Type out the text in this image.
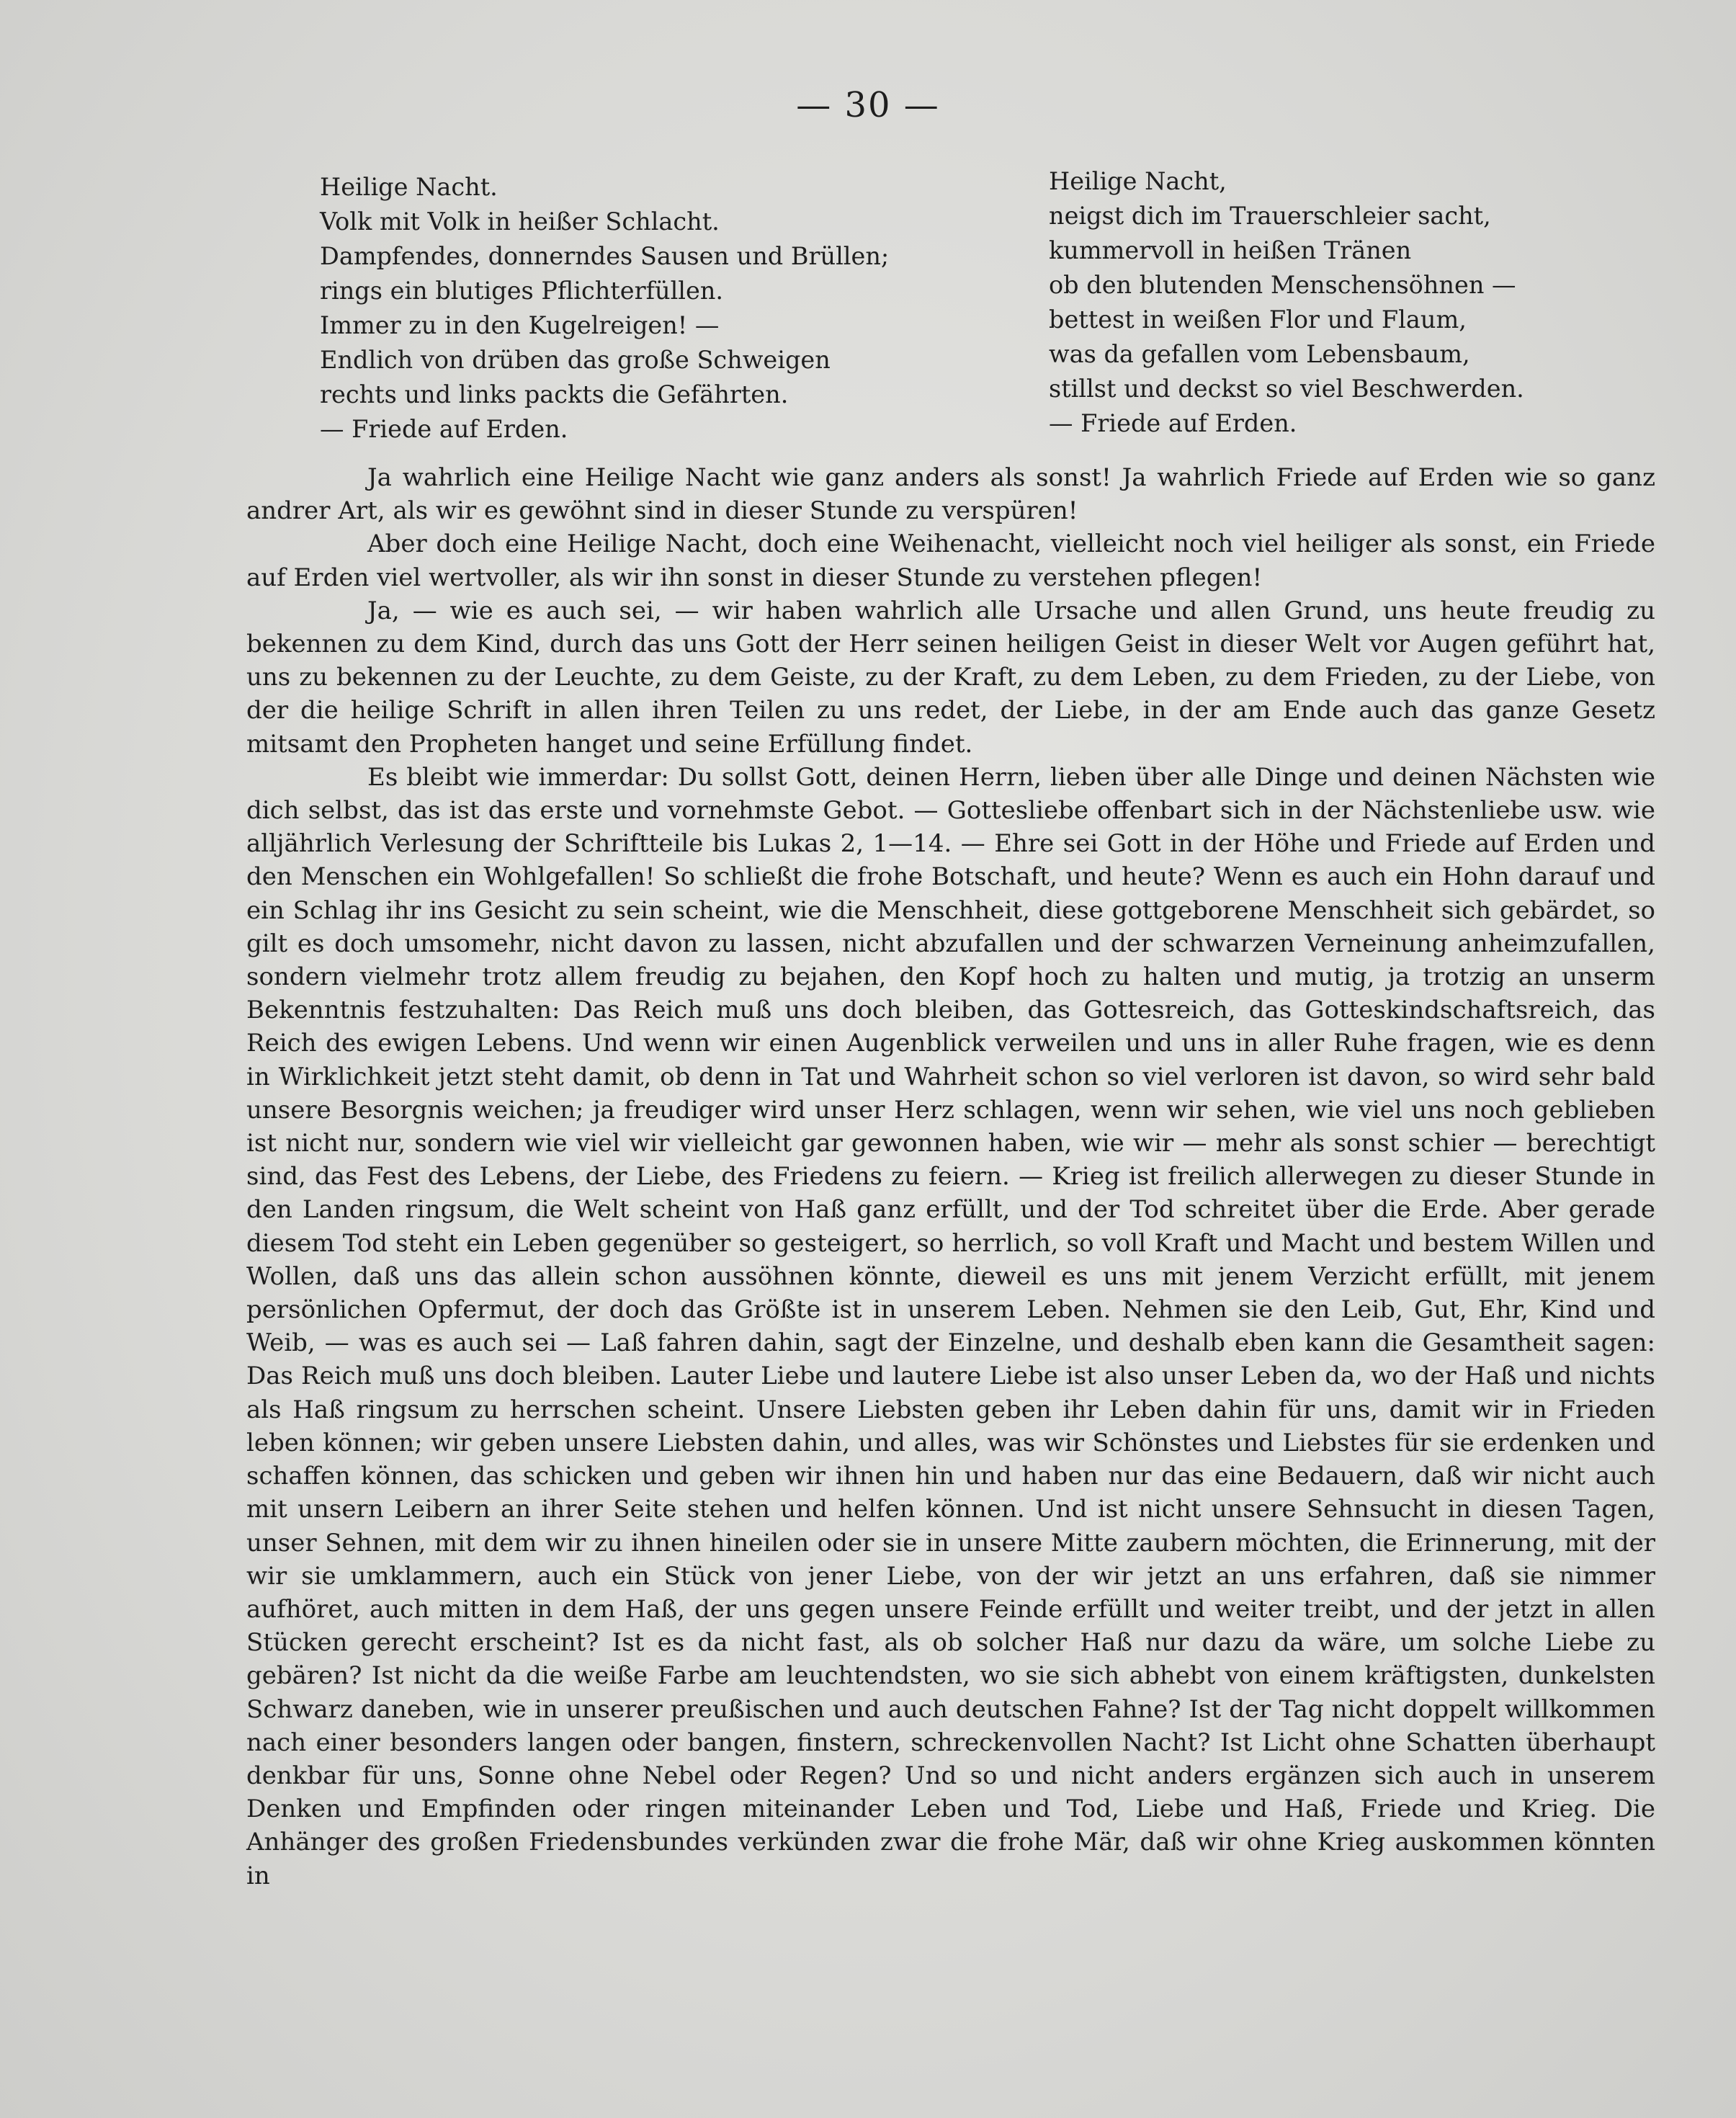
— 30 —
Heilige Nacht.
Volk mit Volk in heißer Schlacht.
Dampfendes, donnerndes Sausen und Brüllen;
rings ein blutiges Pflichterfüllen.
Immer zu in den Kugelreigen! —
Endlich von drüben das große Schweigen
rechts und links packts die Gefährten.
— Friede auf Erden.
Heilige Nacht,
neigst dich im Trauerschleier sacht,
kummervoll in heißen Tränen
ob den blutenden Menschensöhnen —
bettest in weißen Flor und Flaum,
was da gefallen vom Lebensbaum,
stillst und deckst so viel Beschwerden.
— Friede auf Erden.

Ja wahrlich eine Heilige Nacht wie ganz anders als sonst! Ja wahrlich Friede auf Erden wie so ganz andrer Art, als wir es gewöhnt sind in dieser Stunde zu verspüren!

Aber doch eine Heilige Nacht, doch eine Weihenacht, vielleicht noch viel heiliger als sonst, ein Friede auf Erden viel wertvoller, als wir ihn sonst in dieser Stunde zu verstehen pflegen!

Ja, — wie es auch sei, — wir haben wahrlich alle Ursache und allen Grund, uns heute freudig zu bekennen zu dem Kind, durch das uns Gott der Herr seinen heiligen Geist in dieser Welt vor Augen geführt hat, uns zu bekennen zu der Leuchte, zu dem Geiste, zu der Kraft, zu dem Leben, zu dem Frieden, zu der Liebe, von der die heilige Schrift in allen ihren Teilen zu uns redet, der Liebe, in der am Ende auch das ganze Gesetz mitsamt den Propheten hanget und seine Erfüllung findet.

Es bleibt wie immerdar: Du sollst Gott, deinen Herrn, lieben über alle Dinge und deinen Nächsten wie dich selbst, das ist das erste und vornehmste Gebot. — Gottesliebe offenbart sich in der Nächstenliebe usw. wie alljährlich Verlesung der Schriftteile bis Lukas 2, 1—14. — Ehre sei Gott in der Höhe und Friede auf Erden und den Menschen ein Wohlgefallen! So schließt die frohe Botschaft, und heute? Wenn es auch ein Hohn darauf und ein Schlag ihr ins Gesicht zu sein scheint, wie die Menschheit, diese gottgeborene Menschheit sich gebärdet, so gilt es doch umsomehr, nicht davon zu lassen, nicht abzufallen und der schwarzen Verneinung anheimzufallen, sondern vielmehr trotz allem freudig zu bejahen, den Kopf hoch zu halten und mutig, ja trotzig an unserm Bekenntnis festzuhalten: Das Reich muß uns doch bleiben, das Gottesreich, das Gotteskindschaftsreich, das Reich des ewigen Lebens. Und wenn wir einen Augenblick verweilen und uns in aller Ruhe fragen, wie es denn in Wirklichkeit jetzt steht damit, ob denn in Tat und Wahrheit schon so viel verloren ist davon, so wird sehr bald unsere Besorgnis weichen; ja freudiger wird unser Herz schlagen, wenn wir sehen, wie viel uns noch geblieben ist nicht nur, sondern wie viel wir vielleicht gar gewonnen haben, wie wir — mehr als sonst schier — berechtigt sind, das Fest des Lebens, der Liebe, des Friedens zu feiern. — Krieg ist freilich allerwegen zu dieser Stunde in den Landen ringsum, die Welt scheint von Haß ganz erfüllt, und der Tod schreitet über die Erde. Aber gerade diesem Tod steht ein Leben gegenüber so gesteigert, so herrlich, so voll Kraft und Macht und bestem Willen und Wollen, daß uns das allein schon aussöhnen könnte, dieweil es uns mit jenem Verzicht erfüllt, mit jenem persönlichen Opfermut, der doch das Größte ist in unserem Leben. Nehmen sie den Leib, Gut, Ehr, Kind und Weib, — was es auch sei — Laß fahren dahin, sagt der Einzelne, und deshalb eben kann die Gesamtheit sagen: Das Reich muß uns doch bleiben. Lauter Liebe und lautere Liebe ist also unser Leben da, wo der Haß und nichts als Haß ringsum zu herrschen scheint. Unsere Liebsten geben ihr Leben dahin für uns, damit wir in Frieden leben können; wir geben unsere Liebsten dahin, und alles, was wir Schönstes und Liebstes für sie erdenken und schaffen können, das schicken und geben wir ihnen hin und haben nur das eine Bedauern, daß wir nicht auch mit unsern Leibern an ihrer Seite stehen und helfen können. Und ist nicht unsere Sehnsucht in diesen Tagen, unser Sehnen, mit dem wir zu ihnen hineilen oder sie in unsere Mitte zaubern möchten, die Erinnerung, mit der wir sie umklammern, auch ein Stück von jener Liebe, von der wir jetzt an uns erfahren, daß sie nimmer aufhöret, auch mitten in dem Haß, der uns gegen unsere Feinde erfüllt und weiter treibt, und der jetzt in allen Stücken gerecht erscheint? Ist es da nicht fast, als ob solcher Haß nur dazu da wäre, um solche Liebe zu gebären? Ist nicht da die weiße Farbe am leuchtendsten, wo sie sich abhebt von einem kräftigsten, dunkelsten Schwarz daneben, wie in unserer preußischen und auch deutschen Fahne? Ist der Tag nicht doppelt willkommen nach einer besonders langen oder bangen, finstern, schreckenvollen Nacht? Ist Licht ohne Schatten überhaupt denkbar für uns, Sonne ohne Nebel oder Regen? Und so und nicht anders ergänzen sich auch in unserem Denken und Empfinden oder ringen miteinander Leben und Tod, Liebe und Haß, Friede und Krieg. Die Anhänger des großen Friedensbundes verkünden zwar die frohe Mär, daß wir ohne Krieg auskommen könnten in
